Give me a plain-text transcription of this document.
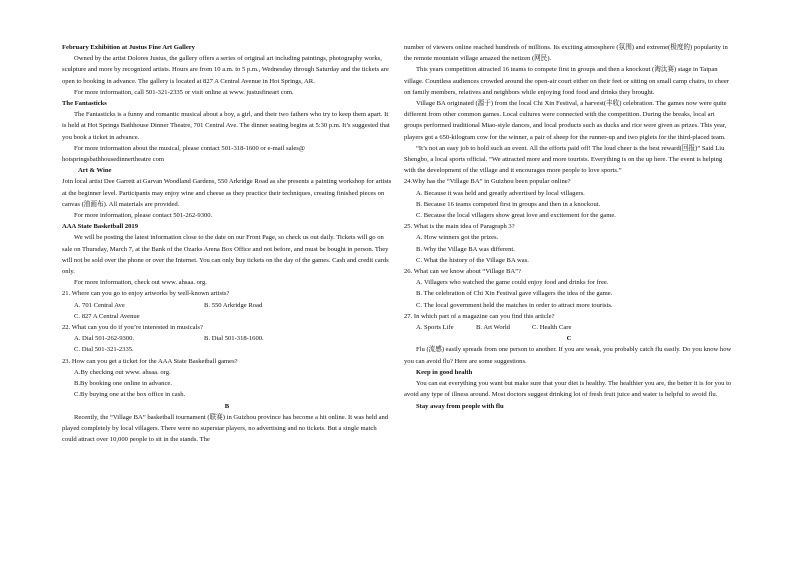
February Exhibition at Justus Fine Art Gallery

Owned by the artist Dolores Justus, the gallery offers a series of original art including paintings, photography works, sculpture and more by recognized artists. Hours are from 10 a.m. to 5 p.m., Wednesday through Saturday and the tickets are open to booking in advance. The gallery is located at 827 A Central Avenue in Hot Springs, AR.

For more information, call 501-321-2335 or visit online at www. justusfineart com.

The Fantasticks

The Fantasticks is a funny and romantic musical about a boy, a girl, and their two fathers who try to keep them apart. It is held at Hot Springs Bathhouse Dinner Theatre, 701 Central Ave. The dinner seating begins at 5:30 p.m. It’s suggested that you book a ticket in advance.

For more information about the musical, please contact 501-318-1600 or e-mail sales@ hotspringsbathhousedinnertheatre com

Art & Wine

Join local artist Dee Garrett at Garvan Woodland Gardens, 550 Arkridge Road as she presents a painting workshop for artists at the beginner level. Participants may enjoy wine and cheese as they practice their techniques, creating finished pieces on canvas (油画布). All materials are provided.

For more information, please contact 501-262-9300.

AAA State Basketball 2019

We will be posting the latest information close to the date on our Front Page, so check us out daily. Tickets will go on sale on Thursday, March 7, at the Bank of the Ozarks Arena Box Office and not before, and must be bought in person. They will not be sold over the phone or over the Internet. You can only buy tickets on the day of the games. Cash and credit cards only.

For more information, check out www. ahsaa. org.

21. Where can you go to enjoy artworks by well-known artists?

A. 701 Central Ave	B. 550 Arkridge Road

C. 827 A Central Avenue

22. What can you do if you’re interested in musicals?

A. Dial 501-262-9300.	B. Dial 501-318-1600.

C. Dial 501-321-2335.

23. How can you get a ticket for the AAA State Basketball games?

A.By checking out www. ahsaa. org.

B.By booking one online in advance.

C.By buying one at the box office in cash.

B

Recently, the “Village BA” basketball tournament (联赛) in Guizhou province has become a hit online. It was held and played completely by local villagers. There were no superstar players, no advertising and no tickets. But a single match could attract over 10,000 people to sit in the stands. The

number of viewers online reached hundreds of millions. Its exciting atmosphere (氛围) and extreme(极度的) popularity in the remote mountain village amazed the netizen (网民).

This years competition attracted 16 teams to compete first in groups and then a knockout (淘汰赛) stage in Taipan village. Countless audiences crowded around the open-air court either on their feet or sitting on small camp chairs, to cheer on family members, relatives and neighbors while enjoying food food and drinks they brought.

Village BA originated (源于) from the local Chi Xin Festival, a harvest(丰收) celebration. The games now were quite different from other common games. Local cultures were connected with the competition. During the breaks, local art groups performed traditional Miao-style dances, and local products such as ducks and rice were given as prizes. This year, players got a 650-kilogram cow for the winner, a pair of sheep for the runner-up and two piglets for the third-placed team.

“It’s not an easy job to hold such an event. All the efforts paid off! The loud cheer is the best reward(回报)” Said Liu Shengbo, a local sports official. “We attracted more and more tourists. Everything is on the up here. The event is helping with the development of the village and it encourages more people to love sports.”

24.Why has the “Village BA” in Guizhou been popular online?

A. Because it was held and greatly advertised by local villagers.

B. Because 16 teams competed first in groups and then in a knockout.

C. Because the local villagers show great love and excitement for the game.

25. What is the main idea of Paragraph 3?

A. How winners got the prizes.

B. Why the Village BA was different.

C. What the history of the Village BA was.

26. What can we know about “Village BA”?

A. Villagers who watched the game could enjoy food and drinks for free.

B. The celebration of Chi Xin Festival gave villagers the idea of the game.

C. The local government held the matches in order to attract more tourists.

27. In which part of a magazine can you find this article?

A. Sports Life	B. Art World	C. Health Care

C

Flu (流感) easily spreads from one person to another. If you are weak, you probably catch flu easily. Do you know how you can avoid flu? Here are some suggestions.

Keep in good health

You can eat everything you want but make sure that your diet is healthy. The healthier you are, the better it is for you to avoid any type of illness around. Most doctors suggest drinking lot of fresh fruit juice and water is helpful to avoid flu.

Stay away from people with flu
